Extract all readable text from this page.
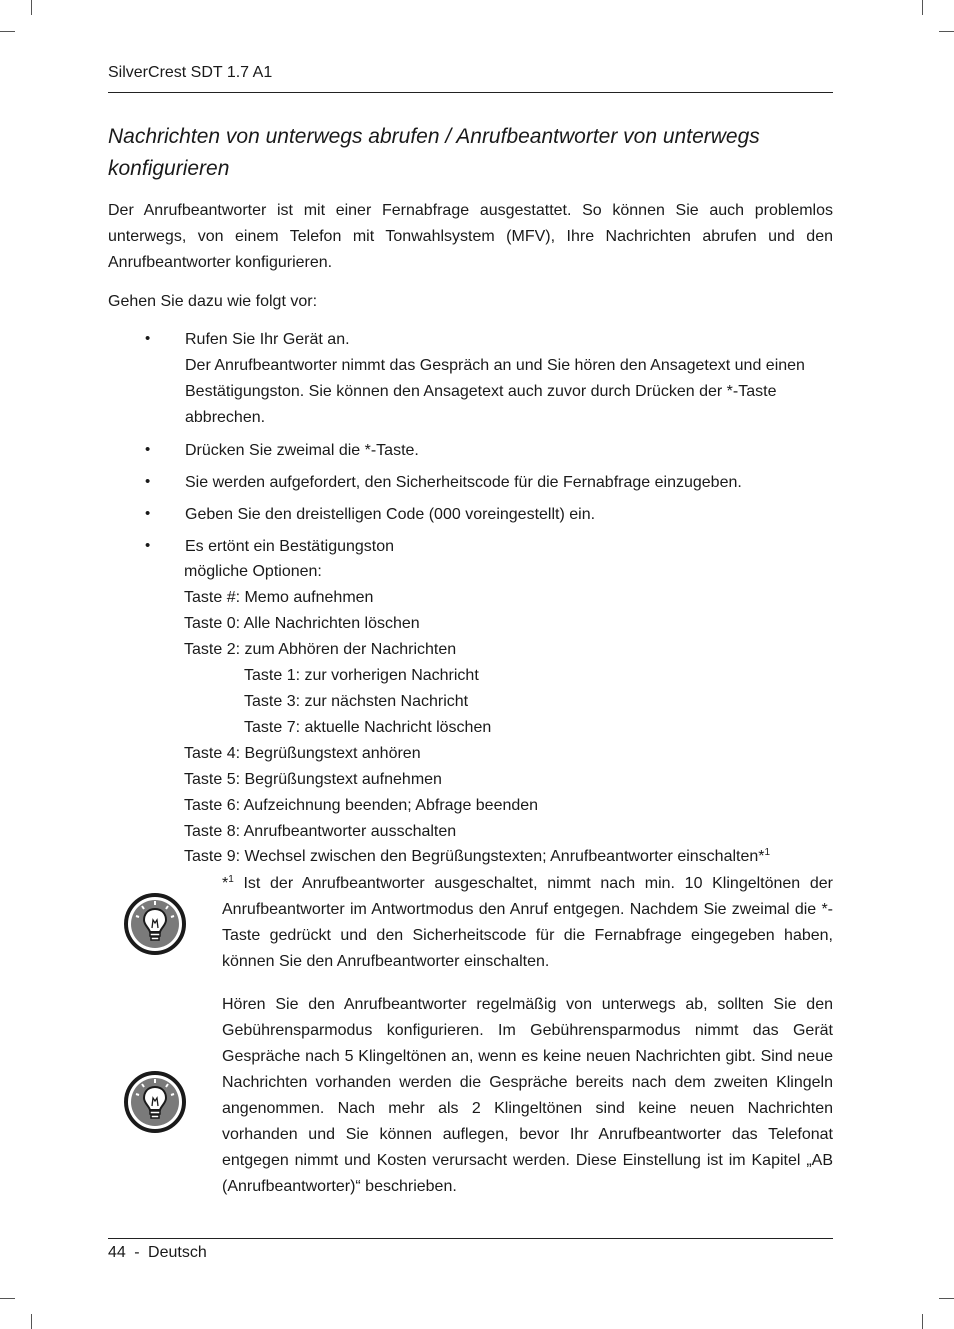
SilverCrest SDT 1.7 A1
Nachrichten von unterwegs abrufen / Anrufbeantworter von unterwegs konfigurieren

Der Anrufbeantworter ist mit einer Fernabfrage ausgestattet. So können Sie auch problemlos unterwegs, von einem Telefon mit Tonwahlsystem (MFV), Ihre Nachrichten abrufen und den Anrufbeantworter konfigurieren.

Gehen Sie dazu wie folgt vor:

• Rufen Sie Ihr Gerät an.
Der Anrufbeantworter nimmt das Gespräch an und Sie hören den Ansagetext und einen Bestätigungston. Sie können den Ansagetext auch zuvor durch Drücken der *-Taste abbrechen.

• Drücken Sie zweimal die *-Taste.

• Sie werden aufgefordert, den Sicherheitscode für die Fernabfrage einzugeben.

• Geben Sie den dreistelligen Code (000 voreingestellt) ein.

• Es ertönt ein Bestätigungston

mögliche Optionen:
Taste #: Memo aufnehmen
Taste 0: Alle Nachrichten löschen
Taste 2: zum Abhören der Nachrichten
Taste 1: zur vorherigen Nachricht
Taste 3: zur nächsten Nachricht
Taste 7: aktuelle Nachricht löschen
Taste 4: Begrüßungstext anhören
Taste 5: Begrüßungstext aufnehmen
Taste 6: Aufzeichnung beenden; Abfrage beenden
Taste 8: Anrufbeantworter ausschalten
Taste 9: Wechsel zwischen den Begrüßungstexten; Anrufbeantworter einschalten*$^1$

*$^1$ Ist der Anrufbeantworter ausgeschaltet, nimmt nach min. 10 Klingeltönen der Anrufbeantworter im Antwortmodus den Anruf entgegen. Nachdem Sie zweimal die *-Taste gedrückt und den Sicherheitscode für die Fernabfrage eingegeben haben, können Sie den Anrufbeantworter einschalten.

Hören Sie den Anrufbeantworter regelmäßig von unterwegs ab, sollten Sie den Gebührensparmodus konfigurieren. Im Gebührensparmodus nimmt das Gerät Gespräche nach 5 Klingeltönen an, wenn es keine neuen Nachrichten gibt. Sind neue Nachrichten vorhanden werden die Gespräche bereits nach dem zweiten Klingeln angenommen. Nach mehr als 2 Klingeltönen sind keine neuen Nachrichten vorhanden und Sie können auflegen, bevor Ihr Anrufbeantworter das Telefonat entgegen nimmt und Kosten verursacht werden. Diese Einstellung ist im Kapitel „AB (Anrufbeantworter)“ beschrieben.

44 - Deutsch
